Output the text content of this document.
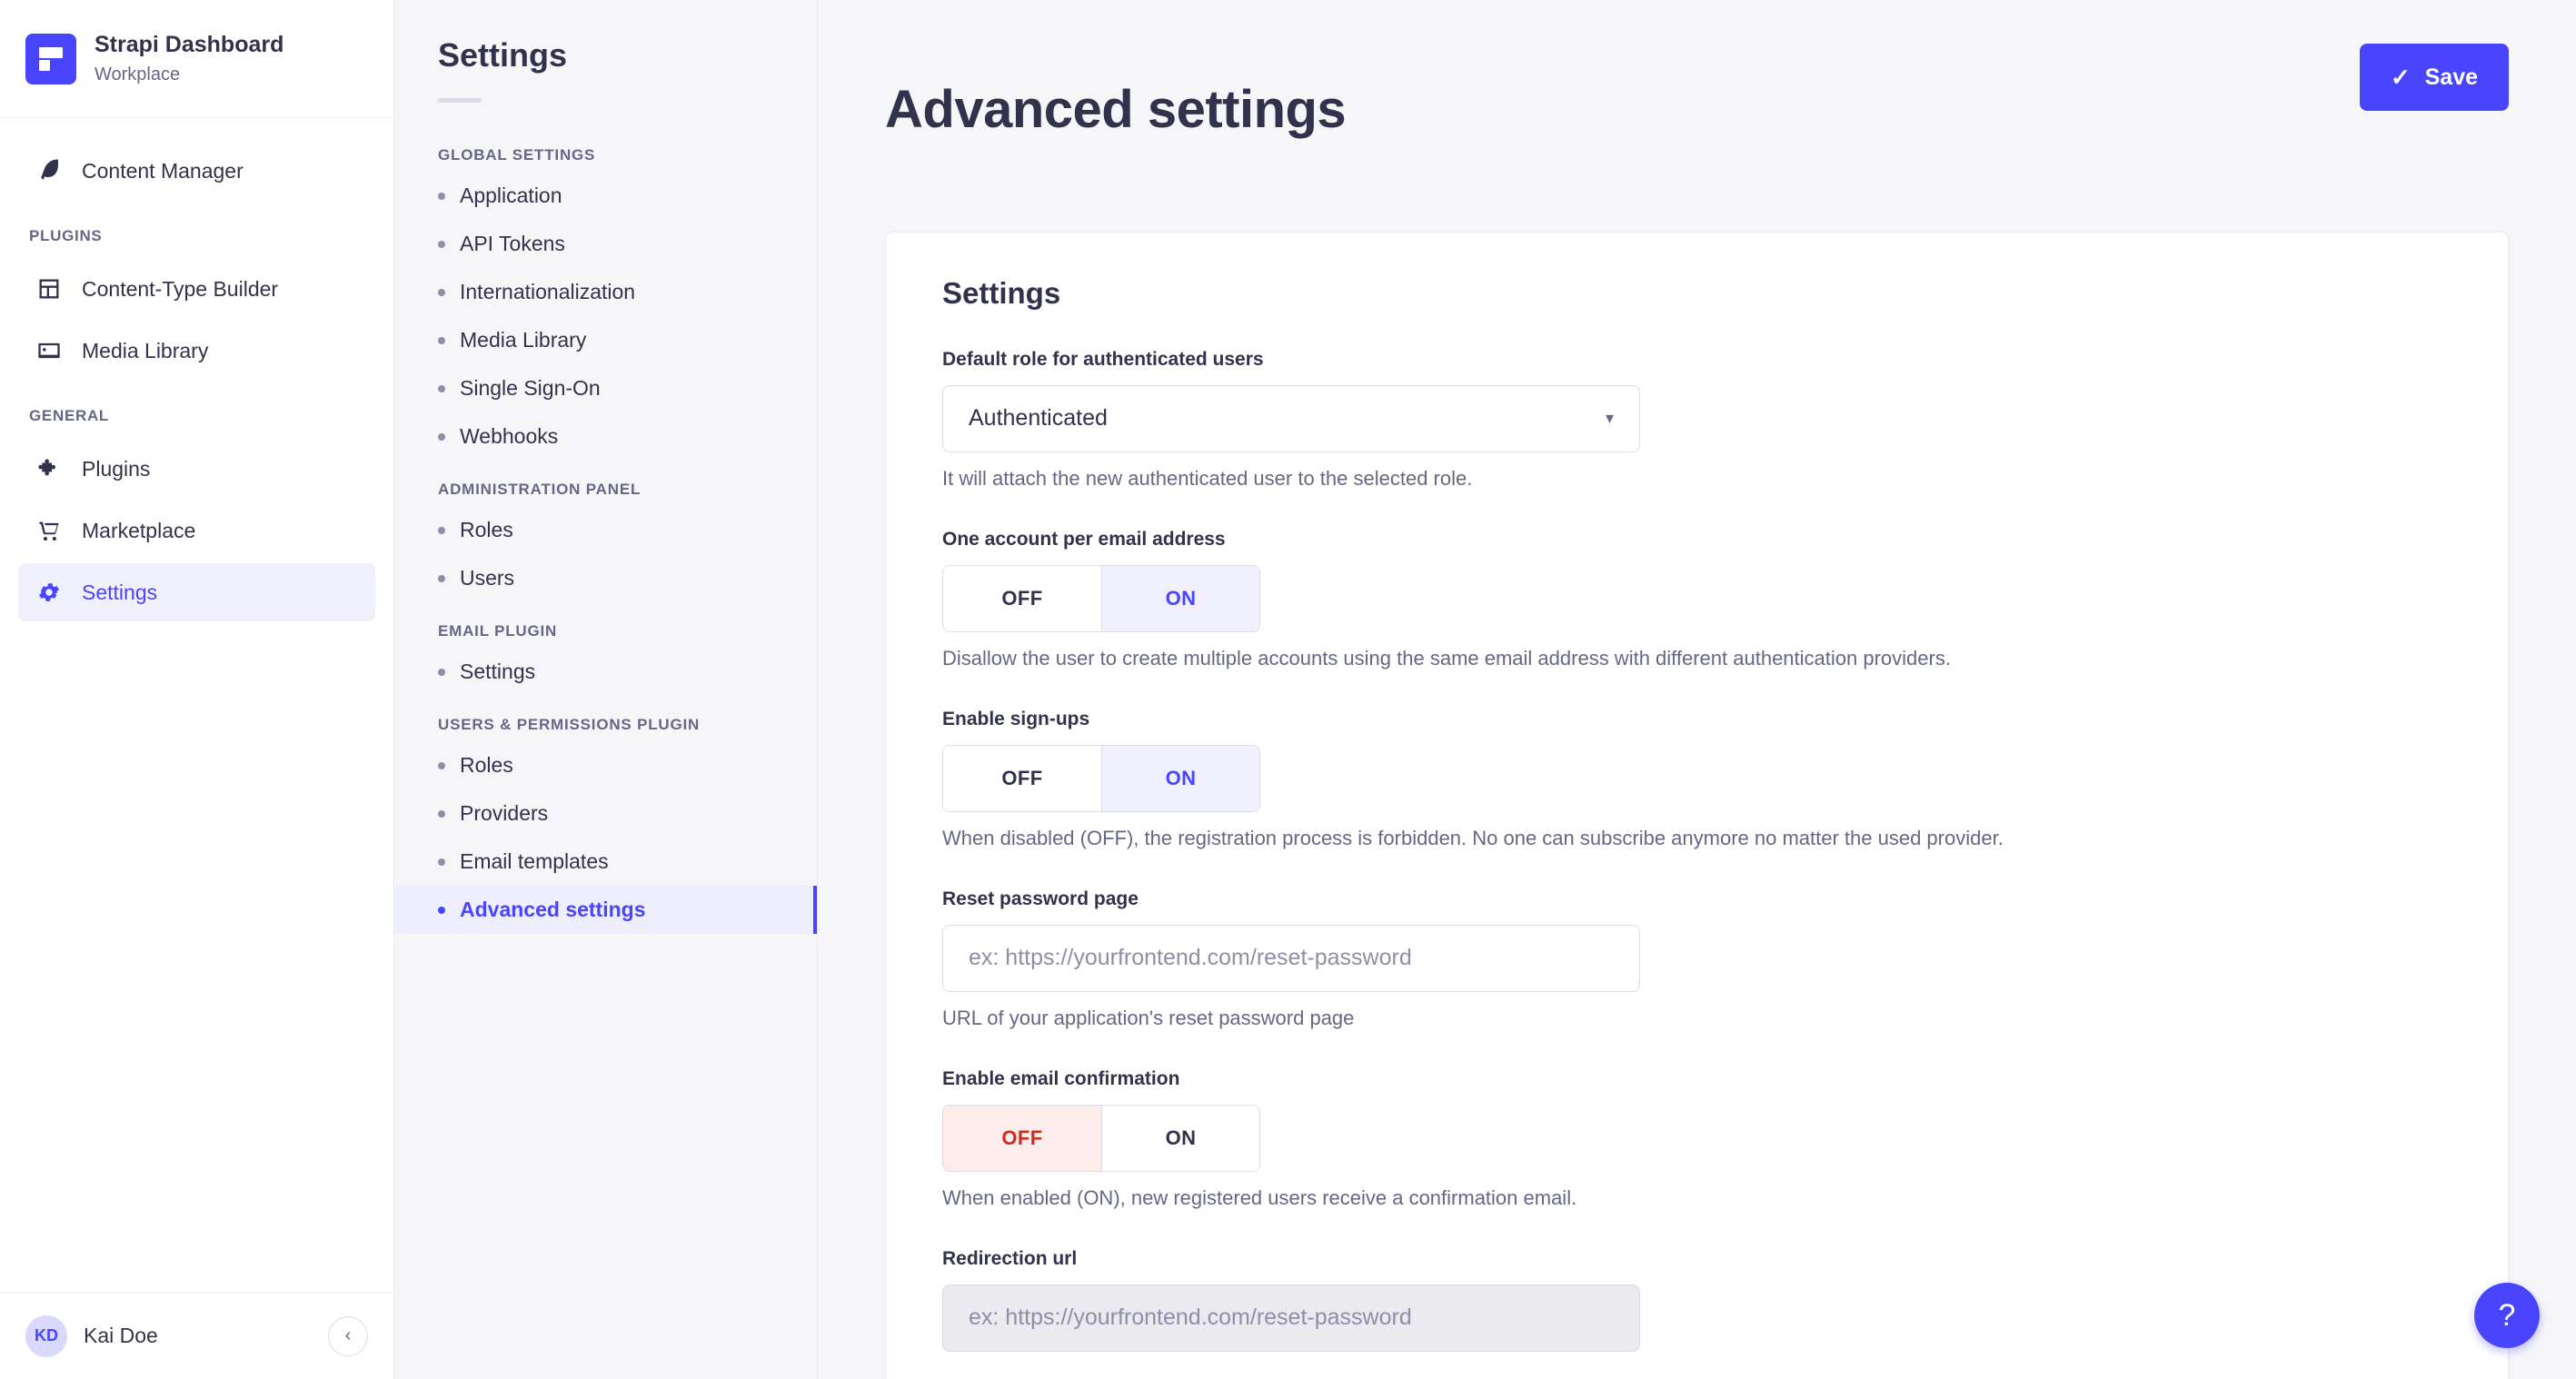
Strapi Dashboard
Workplace
Content Manager
PLUGINS
Content-Type Builder
Media Library
GENERAL
Plugins
Marketplace
Settings
KD	Kai Doe	‹
Settings
GLOBAL SETTINGS
Application
API Tokens
Internationalization
Media Library
Single Sign-On
Webhooks
ADMINISTRATION PANEL
Roles
Users
EMAIL PLUGIN
Settings
USERS & PERMISSIONS PLUGIN
Roles
Providers
Email templates
Advanced settings
Advanced settings
✓ Save
Settings
Default role for authenticated users
Authenticated	▾
It will attach the new authenticated user to the selected role.
One account per email address
OFF	ON
Disallow the user to create multiple accounts using the same email address with different authentication providers.
Enable sign-ups
OFF	ON
When disabled (OFF), the registration process is forbidden. No one can subscribe anymore no matter the used provider.
Reset password page
ex: https://yourfrontend.com/reset-password
URL of your application's reset password page
Enable email confirmation
OFF	ON
When enabled (ON), new registered users receive a confirmation email.
Redirection url
ex: https://yourfrontend.com/reset-password
?
